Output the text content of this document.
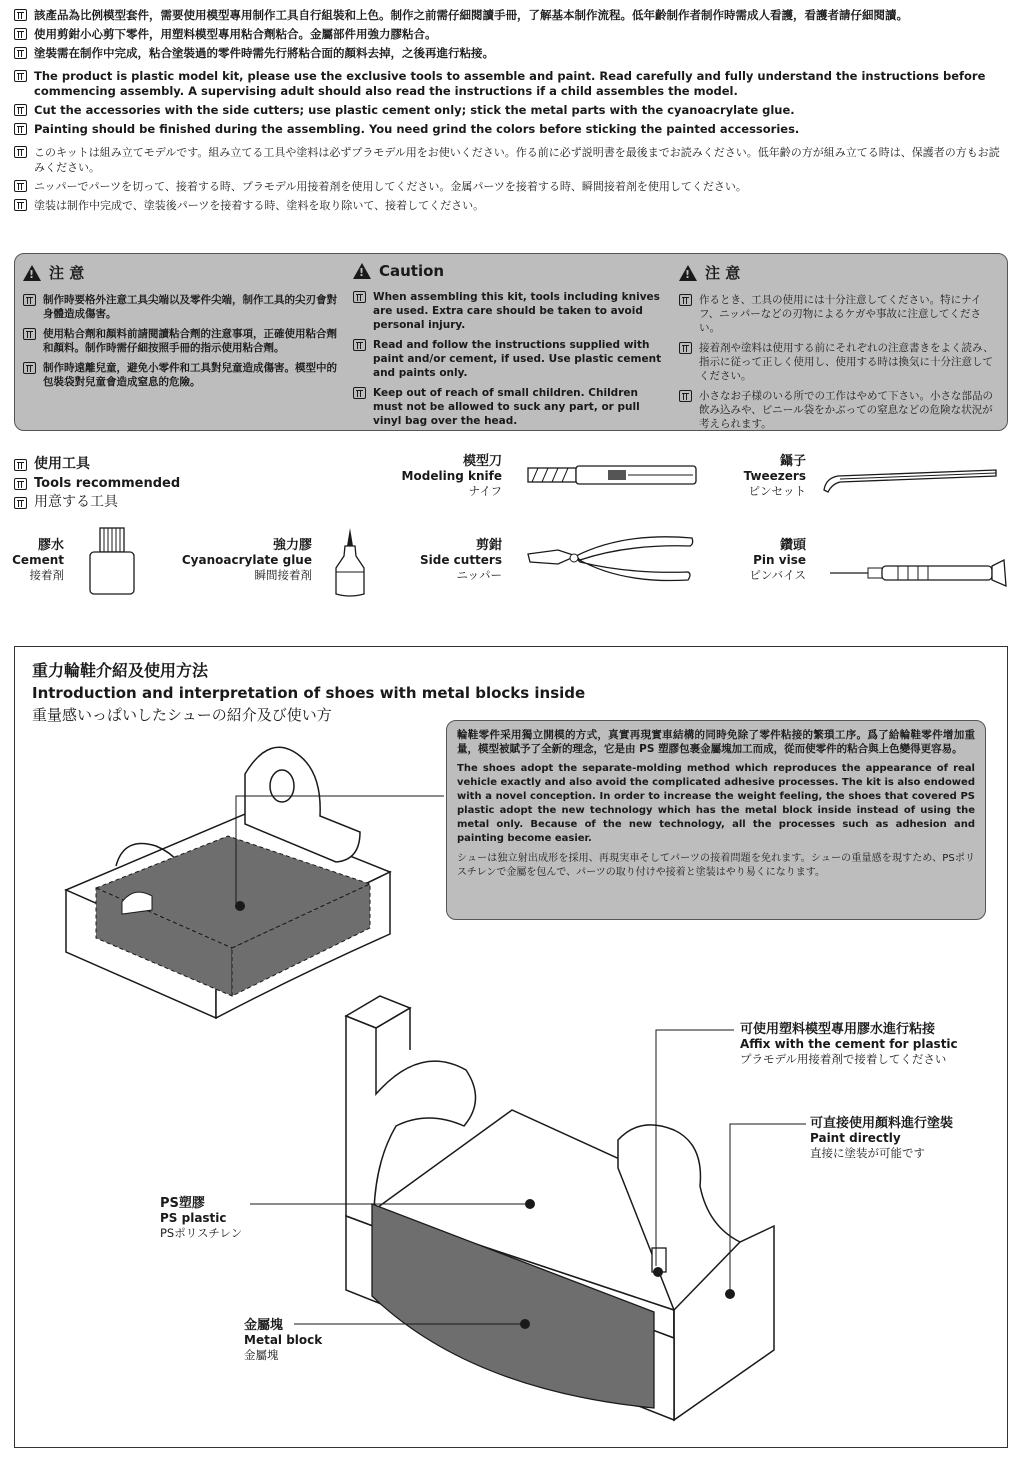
該產品為比例模型套件，需要使用模型專用制作工具自行組裝和上色。制作之前需仔細閱讀手冊，了解基本制作流程。低年齡制作者制作時需成人看護，看護者請仔細閱讀。
使用剪鉗小心剪下零件，用塑料模型專用粘合劑粘合。金屬部件用強力膠粘合。
塗裝需在制作中完成，粘合塗裝過的零件時需先行將粘合面的顏料去掉，之後再進行粘接。
The product is plastic model kit, please use the exclusive tools to assemble and paint. Read carefully and fully understand the instructions before commencing assembly. A supervising adult should also read the instructions if a child assembles the model.
Cut the accessories with the side cutters; use plastic cement only; stick the metal parts with the cyanoacrylate glue.
Painting should be finished during the assembling. You need grind the colors before sticking the painted accessories.
このキットは組み立てモデルです。組み立てる工具や塗料は必ずプラモデル用をお使いください。作る前に必ず説明書を最後までお読みください。低年齢の方が組み立てる時は、保護者の方もお読みください。
ニッパーでパーツを切って、接着する時、プラモデル用接着剤を使用してください。金属パーツを接着する時、瞬間接着剤を使用してください。
塗装は制作中完成で、塗装後パーツを接着する時、塗料を取り除いて、接着してください。
!
注 意
制作時要格外注意工具尖端以及零件尖端，制作工具的尖刃會對身體造成傷害。
使用粘合劑和顏料前請閱讀粘合劑的注意事項，正確使用粘合劑和顏料。制作時需仔細按照手冊的指示使用粘合劑。
制作時遠離兒童，避免小零件和工具對兒童造成傷害。模型中的包裝袋對兒童會造成窒息的危險。
!
Caution
When assembling this kit, tools including knives are used. Extra care should be taken to avoid personal injury.
Read and follow the instructions supplied with paint and/or cement, if used. Use plastic cement and paints only.
Keep out of reach of small children. Children must not be allowed to suck any part, or pull vinyl bag over the head.
!
注 意
作るとき、工具の使用には十分注意してください。特にナイフ、ニッパーなどの刃物によるケガや事故に注意してください。
接着剤や塗料は使用する前にそれぞれの注意書きをよく読み、指示に従って正しく使用し、使用する時は換気に十分注意してください。
小さなお子様のいる所での工作はやめて下さい。小さな部品の飲み込みや、ビニール袋をかぶっての窒息などの危険な状況が考えられます。
使用工具
Tools recommended
用意する工具
模型刀
Modeling knife
ナイフ
鑷子
Tweezers
ピンセット
膠水
Cement
接着剤
強力膠
Cyanoacrylate glue
瞬間接着剤
剪鉗
Side cutters
ニッパー
鑽頭
Pin vise
ピンバイス
重力輪鞋介紹及使用方法
Introduction and interpretation of shoes with metal blocks inside
重量感いっぱいしたシューの紹介及び使い方

輪鞋零件采用獨立開模的方式，真實再現實車結構的同時免除了零件粘接的繁瑣工序。爲了給輪鞋零件增加重量，模型被賦予了全新的理念，它是由 PS 塑膠包裹金屬塊加工而成，從而使零件的粘合與上色變得更容易。

The shoes adopt the separate-molding method which reproduces the appearance of real vehicle exactly and also avoid the complicated adhesive processes. The kit is also endowed with a novel conception. In order to increase the weight feeling, the shoes that covered PS plastic adopt the new technology which has the metal block inside instead of using the metal only. Because of the new technology, all the processes such as adhesion and painting become easier.

シューは独立射出成形を採用、再現実車そしてパーツの接着問題を免れます。シューの重量感を現すため、PSポリスチレンで金屬を包んで、パーツの取り付けや接着と塗装はやり易くになります。

可使用塑料模型專用膠水進行粘接
Affix with the cement for plastic
プラモデル用接着剤で接着してください
可直接使用顏料進行塗裝
Paint directly
直接に塗装が可能です
PS塑膠
PS plastic
PSポリスチレン
金屬塊
Metal block
金屬塊
